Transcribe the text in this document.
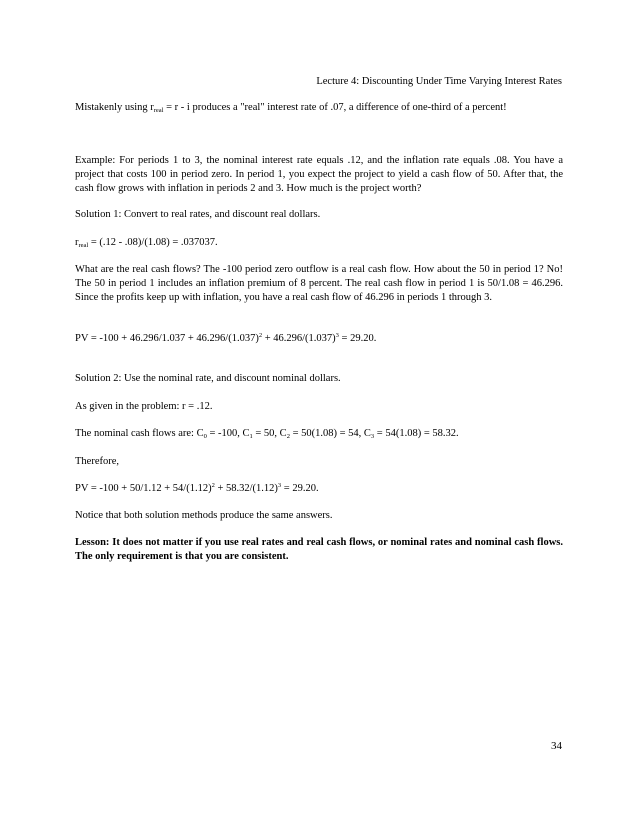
Lecture 4: Discounting Under Time Varying Interest Rates
Mistakenly using $r_{real} = r - i$ produces a "real" interest rate of .07, a difference of one-third of a percent!
Example: For periods 1 to 3, the nominal interest rate equals .12, and the inflation rate equals .08. You have a project that costs 100 in period zero. In period 1, you expect the project to yield a cash flow of 50. After that, the cash flow grows with inflation in periods 2 and 3. How much is the project worth?
Solution 1: Convert to real rates, and discount real dollars.
$r_{real} = (.12 - .08)/(1.08) = .037037$.
What are the real cash flows? The -100 period zero outflow is a real cash flow. How about the 50 in period 1? No! The 50 in period 1 includes an inflation premium of 8 percent. The real cash flow in period 1 is 50/1.08 = 46.296. Since the profits keep up with inflation, you have a real cash flow of 46.296 in periods 1 through 3.
PV = $-100 + 46.296/1.037 + 46.296/(1.037)^2 + 46.296/(1.037)^3 = 29.20$.
Solution 2: Use the nominal rate, and discount nominal dollars.
As given in the problem: r = .12.
The nominal cash flows are: $C_0 = -100$, $C_1 = 50$, $C_2 = 50(1.08) = 54$, $C_3 = 54(1.08) = 58.32$.
Therefore,
PV = $-100 + 50/1.12 + 54/(1.12)^2 + 58.32/(1.12)^3 = 29.20$.
Notice that both solution methods produce the same answers.
Lesson: It does not matter if you use real rates and real cash flows, or nominal rates and nominal cash flows. The only requirement is that you are consistent.
34
